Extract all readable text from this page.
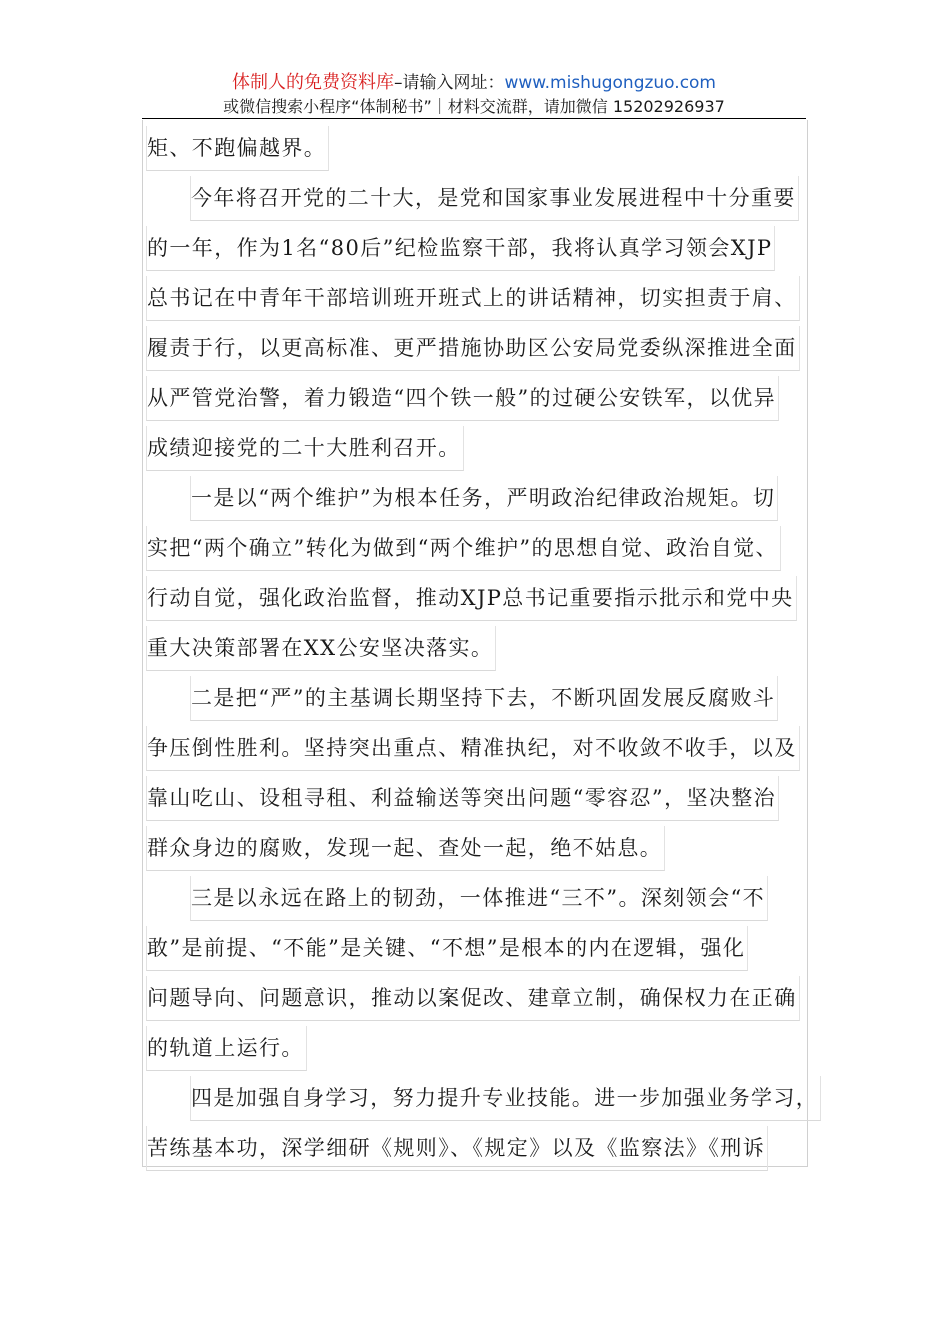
体制人的免费资料库–请输入网址：www.mishugongzuo.com
或微信搜索小程序“体制秘书”｜材料交流群，请加微信 15202926937
矩、不跑偏越界。
今年将召开党的二十大，是党和国家事业发展进程中十分重要
的一年，作为1名“80后”纪检监察干部，我将认真学习领会XJP
总书记在中青年干部培训班开班式上的讲话精神，切实担责于肩、
履责于行，以更高标准、更严措施协助区公安局党委纵深推进全面
从严管党治警，着力锻造“四个铁一般”的过硬公安铁军，以优异
成绩迎接党的二十大胜利召开。
一是以“两个维护”为根本任务，严明政治纪律政治规矩。切
实把“两个确立”转化为做到“两个维护”的思想自觉、政治自觉、
行动自觉，强化政治监督，推动XJP总书记重要指示批示和党中央
重大决策部署在XX公安坚决落实。
二是把“严”的主基调长期坚持下去，不断巩固发展反腐败斗
争压倒性胜利。坚持突出重点、精准执纪，对不收敛不收手，以及
靠山吃山、设租寻租、利益输送等突出问题“零容忍”，坚决整治
群众身边的腐败，发现一起、查处一起，绝不姑息。
三是以永远在路上的韧劲，一体推进“三不”。深刻领会“不
敢”是前提、“不能”是关键、“不想”是根本的内在逻辑，强化
问题导向、问题意识，推动以案促改、建章立制，确保权力在正确
的轨道上运行。
四是加强自身学习，努力提升专业技能。进一步加强业务学习，
苦练基本功，深学细研《规则》、《规定》以及《监察法》《刑诉
